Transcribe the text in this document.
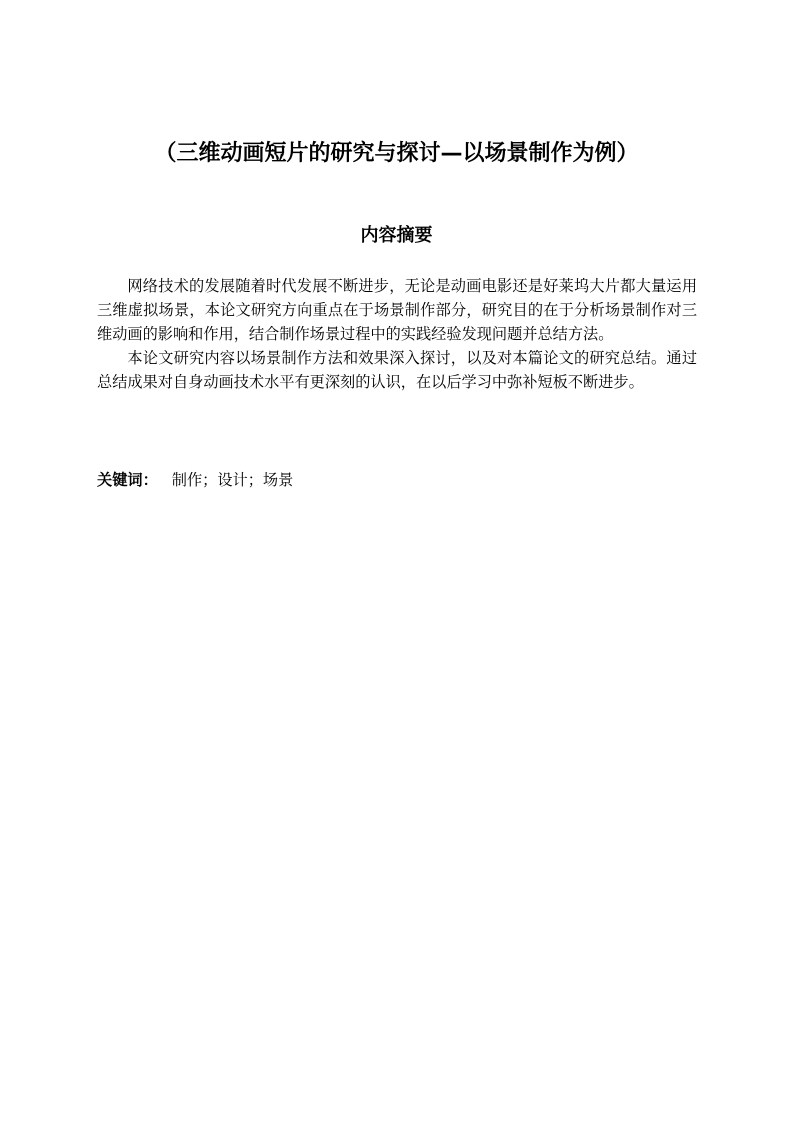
（三维动画短片的研究与探讨—以场景制作为例）
内容摘要

网络技术的发展随着时代发展不断进步，无论是动画电影还是好莱坞大片都大量运用三维虚拟场景，本论文研究方向重点在于场景制作部分，研究目的在于分析场景制作对三维动画的影响和作用，结合制作场景过程中的实践经验发现问题并总结方法。

本论文研究内容以场景制作方法和效果深入探讨，以及对本篇论文的研究总结。通过总结成果对自身动画技术水平有更深刻的认识，在以后学习中弥补短板不断进步。

关键词： 制作；设计；场景
